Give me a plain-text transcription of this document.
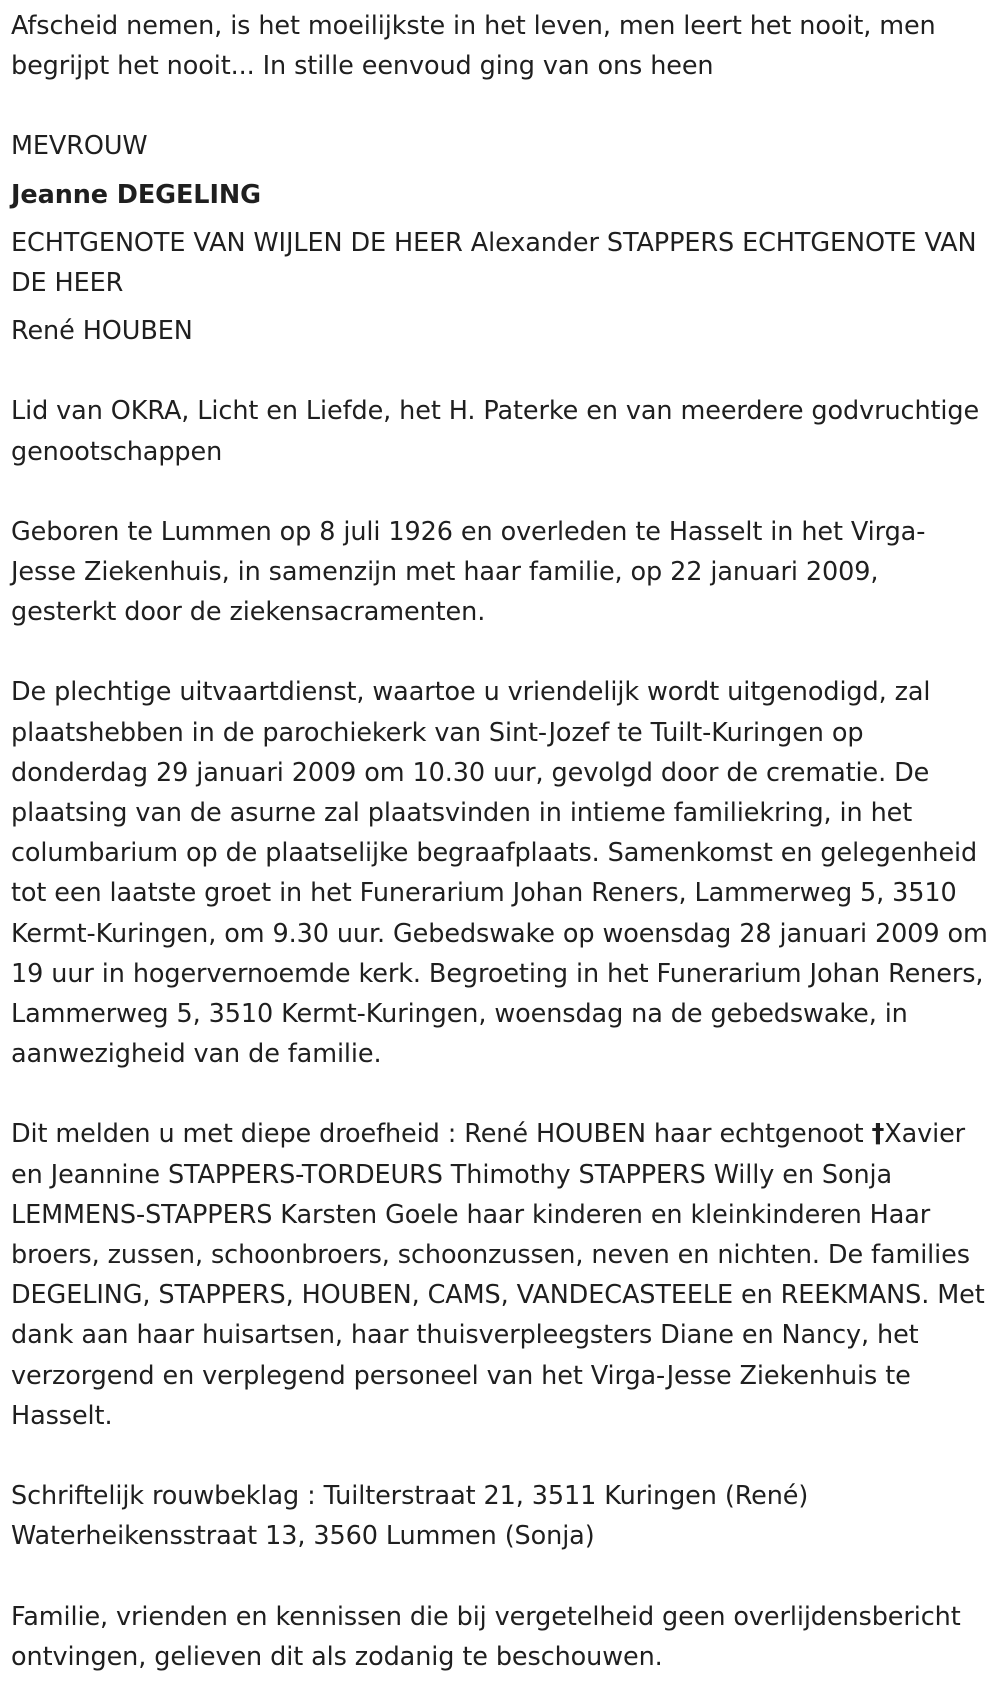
Afscheid nemen, is het moeilijkste in het leven, men leert het nooit, men begrijpt het nooit... In stille eenvoud ging van ons heen

MEVROUW

Jeanne DEGELING

ECHTGENOTE VAN WIJLEN DE HEER Alexander STAPPERS ECHTGENOTE VAN DE HEER

René HOUBEN

Lid van OKRA, Licht en Liefde, het H. Paterke en van meerdere godvruchtige genootschappen

Geboren te Lummen op 8 juli 1926 en overleden te Hasselt in het Virga-Jesse Ziekenhuis, in samenzijn met haar familie, op 22 januari 2009, gesterkt door de ziekensacramenten.

De plechtige uitvaartdienst, waartoe u vriendelijk wordt uitgenodigd, zal plaatshebben in de parochiekerk van Sint-Jozef te Tuilt-Kuringen op donderdag 29 januari 2009 om 10.30 uur, gevolgd door de crematie. De plaatsing van de asurne zal plaatsvinden in intieme familiekring, in het columbarium op de plaatselijke begraafplaats. Samenkomst en gelegenheid tot een laatste groet in het Funerarium Johan Reners, Lammerweg 5, 3510 Kermt-Kuringen, om 9.30 uur. Gebedswake op woensdag 28 januari 2009 om 19 uur in hogervernoemde kerk. Begroeting in het Funerarium Johan Reners, Lammerweg 5, 3510 Kermt-Kuringen, woensdag na de gebedswake, in aanwezigheid van de familie.

Dit melden u met diepe droefheid : René HOUBEN haar echtgenoot †Xavier en Jeannine STAPPERS-TORDEURS Thimothy STAPPERS Willy en Sonja LEMMENS-STAPPERS Karsten Goele haar kinderen en kleinkinderen Haar broers, zussen, schoonbroers, schoonzussen, neven en nichten. De families DEGELING, STAPPERS, HOUBEN, CAMS, VANDECASTEELE en REEKMANS. Met dank aan haar huisartsen, haar thuisverpleegsters Diane en Nancy, het verzorgend en verplegend personeel van het Virga-Jesse Ziekenhuis te Hasselt.

Schriftelijk rouwbeklag : Tuilterstraat 21, 3511 Kuringen (René)

Waterheikensstraat 13, 3560 Lummen (Sonja)

Familie, vrienden en kennissen die bij vergetelheid geen overlijdensbericht ontvingen, gelieven dit als zodanig te beschouwen.
